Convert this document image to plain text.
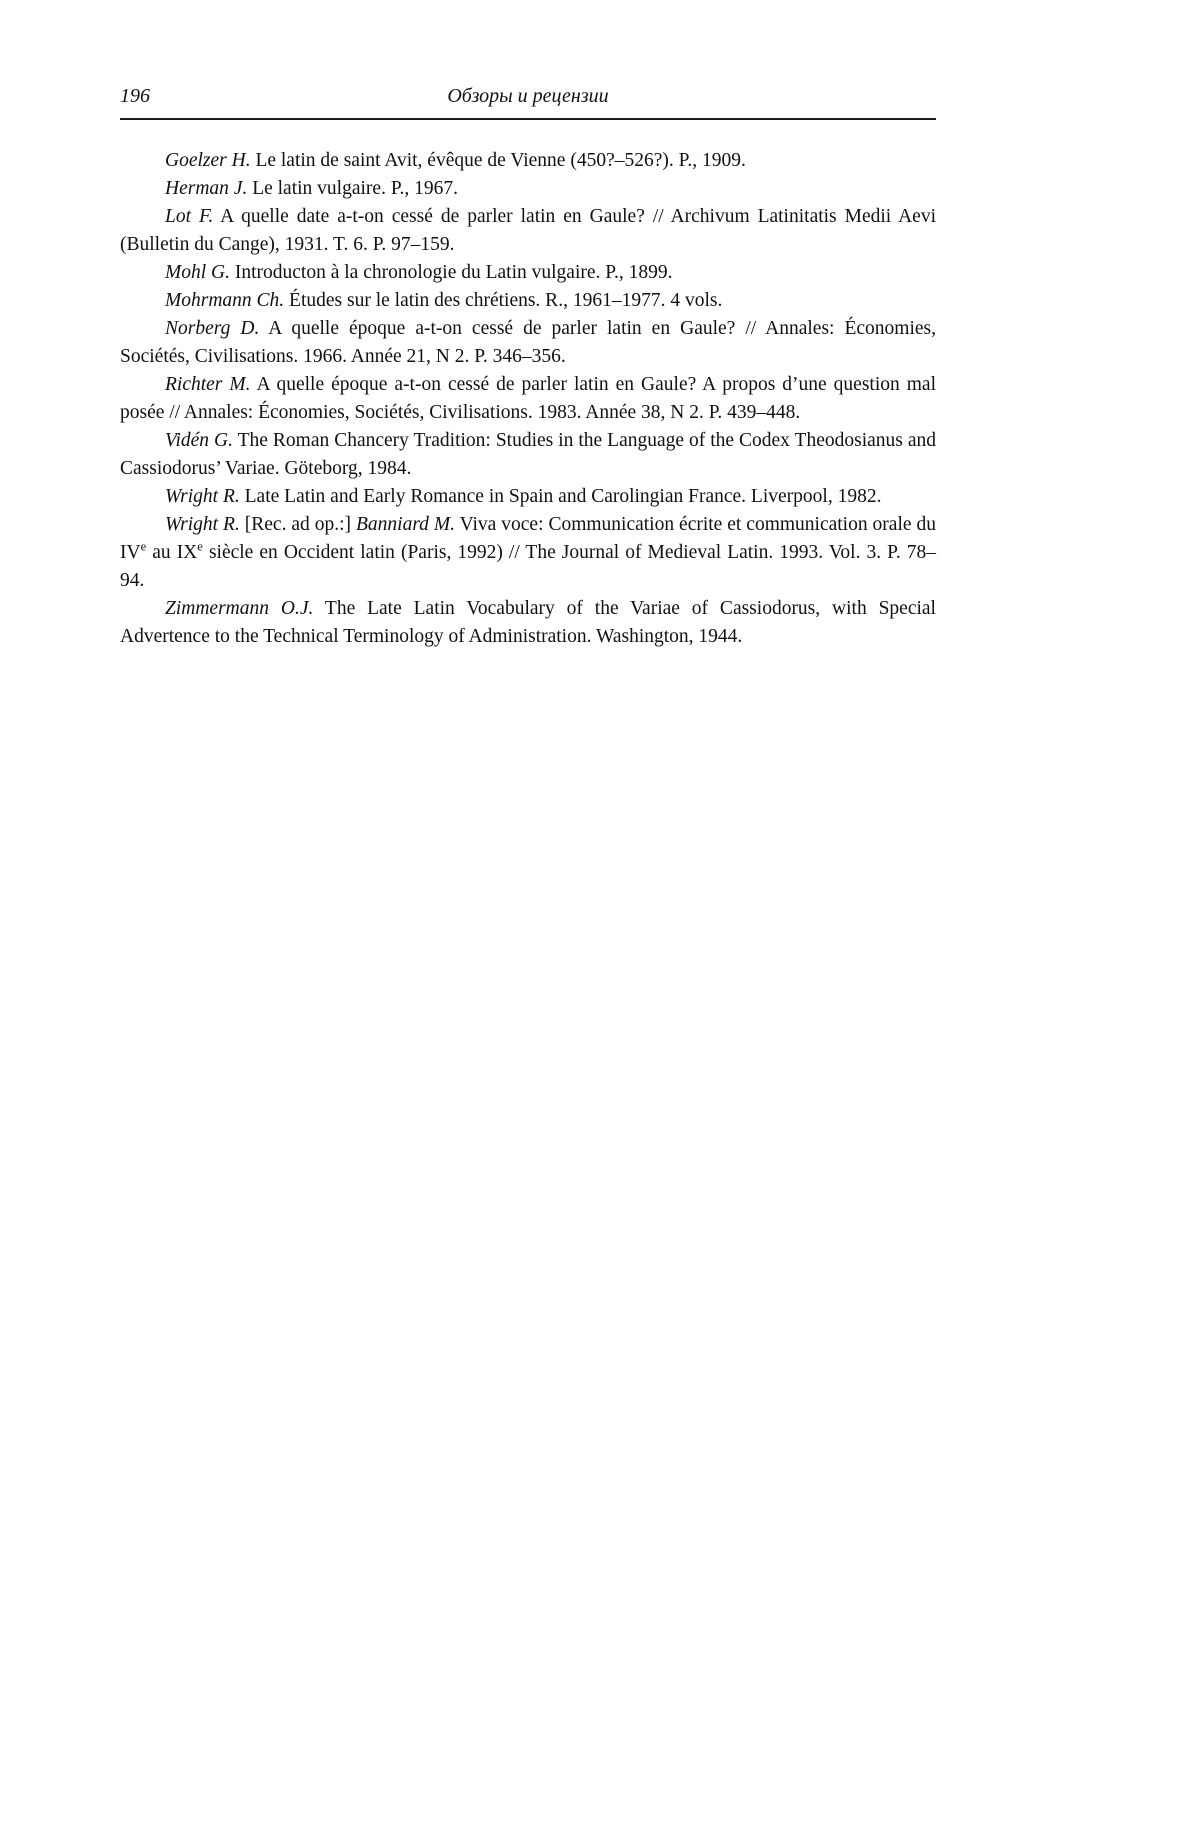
196	Обзоры и рецензии

Goelzer H. Le latin de saint Avit, évêque de Vienne (450?–526?). P., 1909.

Herman J. Le latin vulgaire. P., 1967.

Lot F. A quelle date a-t-on cessé de parler latin en Gaule? // Archivum Latinitatis Medii Aevi (Bulletin du Cange), 1931. T. 6. P. 97–159.

Mohl G. Introducton à la chronologie du Latin vulgaire. P., 1899.

Mohrmann Ch. Études sur le latin des chrétiens. R., 1961–1977. 4 vols.

Norberg D. A quelle époque a-t-on cessé de parler latin en Gaule? // Annales: Économies, Sociétés, Civilisations. 1966. Année 21, N 2. P. 346–356.

Richter M. A quelle époque a-t-on cessé de parler latin en Gaule? A propos d’une question mal posée // Annales: Économies, Sociétés, Civilisations. 1983. Année 38, N 2. P. 439–448.

Vidén G. The Roman Chancery Tradition: Studies in the Language of the Codex Theodosianus and Cassiodorus’ Variae. Göteborg, 1984.

Wright R. Late Latin and Early Romance in Spain and Carolingian France. Liverpool, 1982.

Wright R. [Rec. ad op.:] Banniard M. Viva voce: Communication écrite et communication orale du IVe au IXe siècle en Occident latin (Paris, 1992) // The Journal of Medieval Latin. 1993. Vol. 3. P. 78–94.

Zimmermann O.J. The Late Latin Vocabulary of the Variae of Cassiodorus, with Special Advertence to the Technical Terminology of Administration. Washington, 1944.
